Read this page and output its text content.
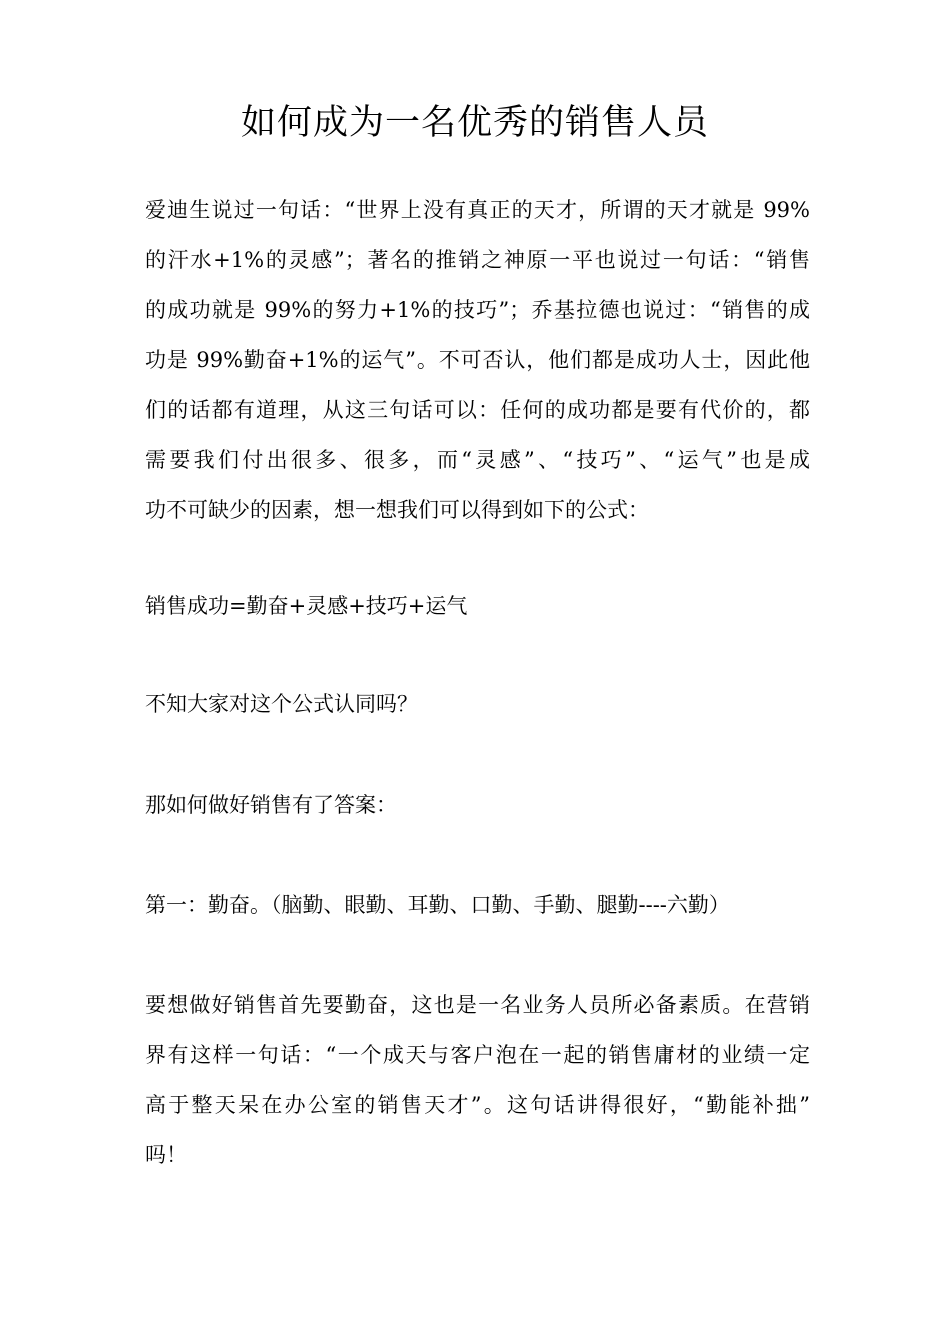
如何成为一名优秀的销售人员
爱迪生说过一句话：“世界上没有真正的天才，所谓的天才就是 99%
的汗水+1%的灵感”；著名的推销之神原一平也说过一句话：“销售
的成功就是 99%的努力+1%的技巧”；乔基拉德也说过：“销售的成
功是 99%勤奋+1%的运气”。不可否认，他们都是成功人士，因此他
们的话都有道理，从这三句话可以：任何的成功都是要有代价的，都
需要我们付出很多、很多，而“灵感”、“技巧”、“运气”也是成
功不可缺少的因素，想一想我们可以得到如下的公式：
销售成功=勤奋+灵感+技巧+运气
不知大家对这个公式认同吗？
那如何做好销售有了答案：
第一：勤奋。（脑勤、眼勤、耳勤、口勤、手勤、腿勤----六勤）
要想做好销售首先要勤奋，这也是一名业务人员所必备素质。在营销
界有这样一句话：“一个成天与客户泡在一起的销售庸材的业绩一定
高于整天呆在办公室的销售天才”。这句话讲得很好，“勤能补拙”
吗！
